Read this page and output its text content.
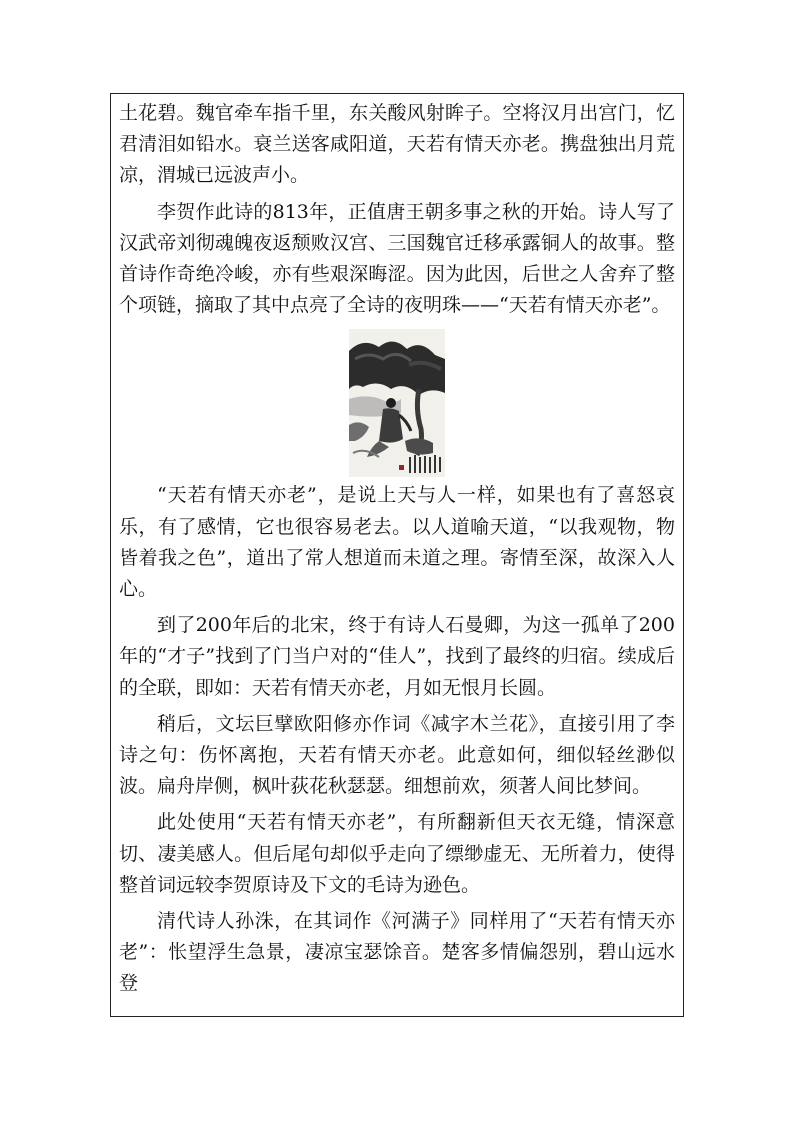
土花碧。魏官牵车指千里，东关酸风射眸子。空将汉月出宫门，忆君清泪如铅水。衰兰送客咸阳道，天若有情天亦老。携盘独出月荒凉，渭城已远波声小。

李贺作此诗的813年，正值唐王朝多事之秋的开始。诗人写了汉武帝刘彻魂魄夜返颓败汉宫、三国魏官迁移承露铜人的故事。整首诗作奇绝冷峻，亦有些艰深晦涩。因为此因，后世之人舍弃了整个项链，摘取了其中点亮了全诗的夜明珠——“天若有情天亦老”。

“天若有情天亦老”，是说上天与人一样，如果也有了喜怒哀乐，有了感情，它也很容易老去。以人道喻天道，“以我观物，物皆着我之色”，道出了常人想道而未道之理。寄情至深，故深入人心。

到了200年后的北宋，终于有诗人石曼卿，为这一孤单了200年的“才子”找到了门当户对的“佳人”，找到了最终的归宿。续成后的全联，即如：天若有情天亦老，月如无恨月长圆。

稍后，文坛巨擘欧阳修亦作词《减字木兰花》，直接引用了李诗之句：伤怀离抱，天若有情天亦老。此意如何，细似轻丝渺似波。扁舟岸侧，枫叶荻花秋瑟瑟。细想前欢，须著人间比梦间。

此处使用“天若有情天亦老”，有所翻新但天衣无缝，情深意切、凄美感人。但后尾句却似乎走向了缥缈虚无、无所着力，使得整首词远较李贺原诗及下文的毛诗为逊色。

清代诗人孙洙，在其词作《河满子》同样用了“天若有情天亦老”：怅望浮生急景，凄凉宝瑟馀音。楚客多情偏怨别，碧山远水登
